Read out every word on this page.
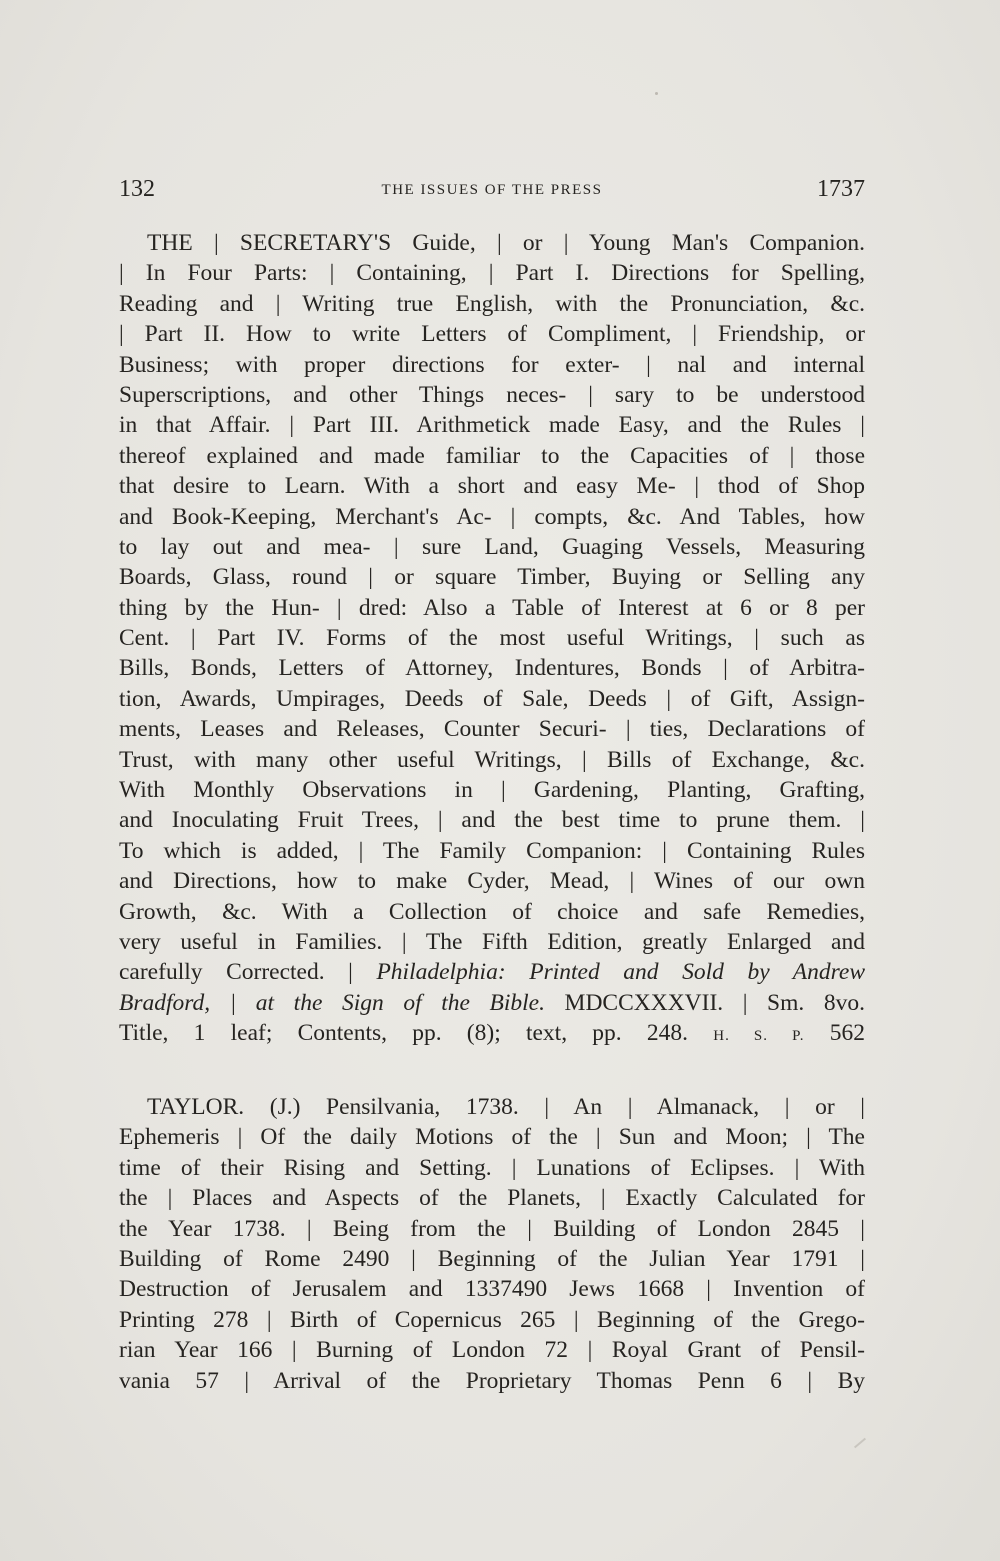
132	THE ISSUES OF THE PRESS	1737
THE | SECRETARY'S Guide, | or | Young Man's Companion.
| In Four Parts: | Containing, | Part I. Directions for Spelling,
Reading and | Writing true English, with the Pronunciation, &c.
| Part II. How to write Letters of Compliment, | Friendship, or
Business; with proper directions for exter- | nal and internal
Superscriptions, and other Things neces- | sary to be understood
in that Affair. | Part III. Arithmetick made Easy, and the Rules |
thereof explained and made familiar to the Capacities of | those
that desire to Learn. With a short and easy Me- | thod of Shop
and Book-Keeping, Merchant's Ac- | compts, &c. And Tables, how
to lay out and mea- | sure Land, Guaging Vessels, Measuring
Boards, Glass, round | or square Timber, Buying or Selling any
thing by the Hun- | dred: Also a Table of Interest at 6 or 8 per
Cent. | Part IV. Forms of the most useful Writings, | such as
Bills, Bonds, Letters of Attorney, Indentures, Bonds | of Arbitra-
tion, Awards, Umpirages, Deeds of Sale, Deeds | of Gift, Assign-
ments, Leases and Releases, Counter Securi- | ties, Declarations of
Trust, with many other useful Writings, | Bills of Exchange, &c.
With Monthly Observations in | Gardening, Planting, Grafting,
and Inoculating Fruit Trees, | and the best time to prune them. |
To which is added, | The Family Companion: | Containing Rules
and Directions, how to make Cyder, Mead, | Wines of our own
Growth, &c. With a Collection of choice and safe Remedies,
very useful in Families. | The Fifth Edition, greatly Enlarged and
carefully Corrected. | Philadelphia: Printed and Sold by Andrew
Bradford, | at the Sign of the Bible. MDCCXXXVII. | Sm. 8vo.
Title, 1 leaf; Contents, pp. (8); text, pp. 248. H. S. P. 562
TAYLOR. (J.) Pensilvania, 1738. | An | Almanack, | or |
Ephemeris | Of the daily Motions of the | Sun and Moon; | The
time of their Rising and Setting. | Lunations of Eclipses. | With
the | Places and Aspects of the Planets, | Exactly Calculated for
the Year 1738. | Being from the | Building of London 2845 |
Building of Rome 2490 | Beginning of the Julian Year 1791 |
Destruction of Jerusalem and 1337490 Jews 1668 | Invention of
Printing 278 | Birth of Copernicus 265 | Beginning of the Grego-
rian Year 166 | Burning of London 72 | Royal Grant of Pensil-
vania 57 | Arrival of the Proprietary Thomas Penn 6 | By
